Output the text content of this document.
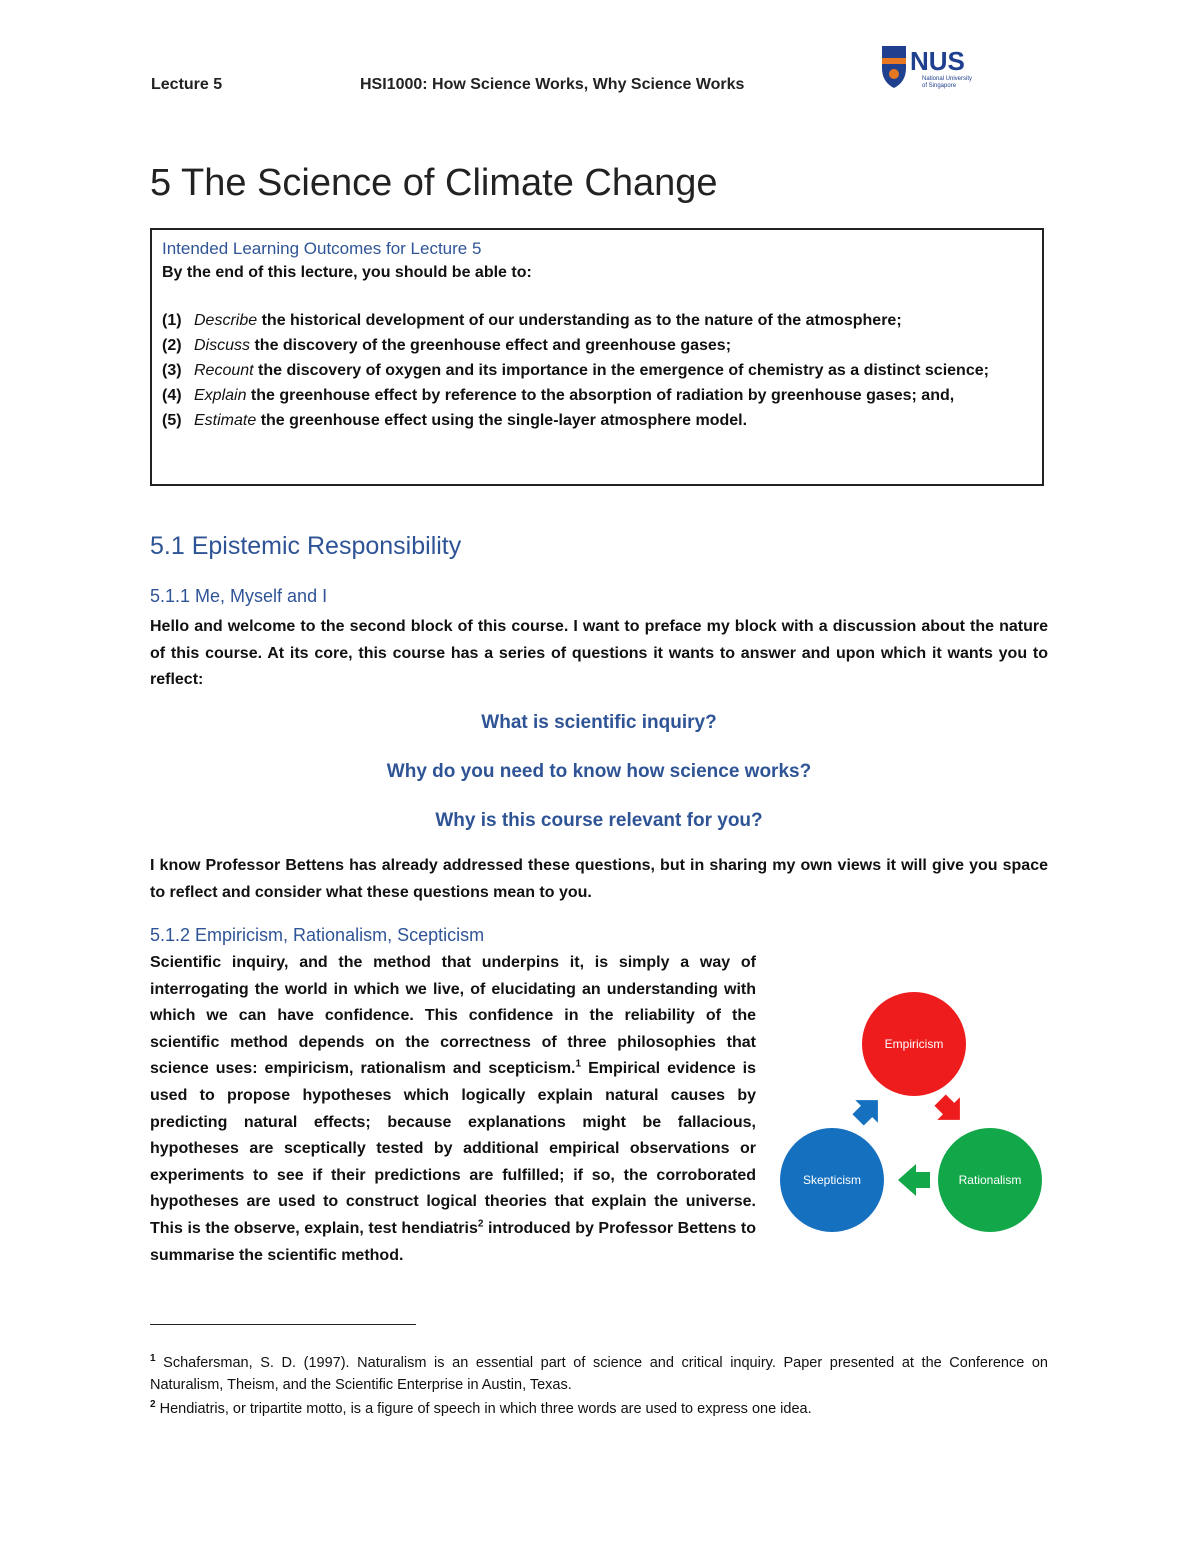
Lecture 5	HSI1000: How Science Works, Why Science Works
NUS
National University
of Singapore
5 The Science of Climate Change
Intended Learning Outcomes for Lecture 5
By the end of this lecture, you should be able to:
(1) Describe the historical development of our understanding as to the nature of the atmosphere;
(2) Discuss the discovery of the greenhouse effect and greenhouse gases;
(3) Recount the discovery of oxygen and its importance in the emergence of chemistry as a distinct science;
(4) Explain the greenhouse effect by reference to the absorption of radiation by greenhouse gases; and,
(5) Estimate the greenhouse effect using the single-layer atmosphere model.
5.1 Epistemic Responsibility
5.1.1 Me, Myself and I

Hello and welcome to the second block of this course. I want to preface my block with a discussion about the nature of this course. At its core, this course has a series of questions it wants to answer and upon which it wants you to reflect:

What is scientific inquiry?

Why do you need to know how science works?

Why is this course relevant for you?

I know Professor Bettens has already addressed these questions, but in sharing my own views it will give you space to reflect and consider what these questions mean to you.

5.1.2 Empiricism, Rationalism, Scepticism

Scientific inquiry, and the method that underpins it, is simply a way of interrogating the world in which we live, of elucidating an understanding with which we can have confidence. This confidence in the reliability of the scientific method depends on the correctness of three philosophies that science uses: empiricism, rationalism and scepticism.$^1$ Empirical evidence is used to propose hypotheses which logically explain natural causes by predicting natural effects; because explanations might be fallacious, hypotheses are sceptically tested by additional empirical observations or experiments to see if their predictions are fulfilled; if so, the corroborated hypotheses are used to construct logical theories that explain the universe. This is the observe, explain, test hendiatris$^2$ introduced by Professor Bettens to summarise the scientific method.

Empiricism
Rationalism
Skepticism

$^1$ Schafersman, S. D. (1997). Naturalism is an essential part of science and critical inquiry. Paper presented at the Conference on Naturalism, Theism, and the Scientific Enterprise in Austin, Texas.

$^2$ Hendiatris, or tripartite motto, is a figure of speech in which three words are used to express one idea.
